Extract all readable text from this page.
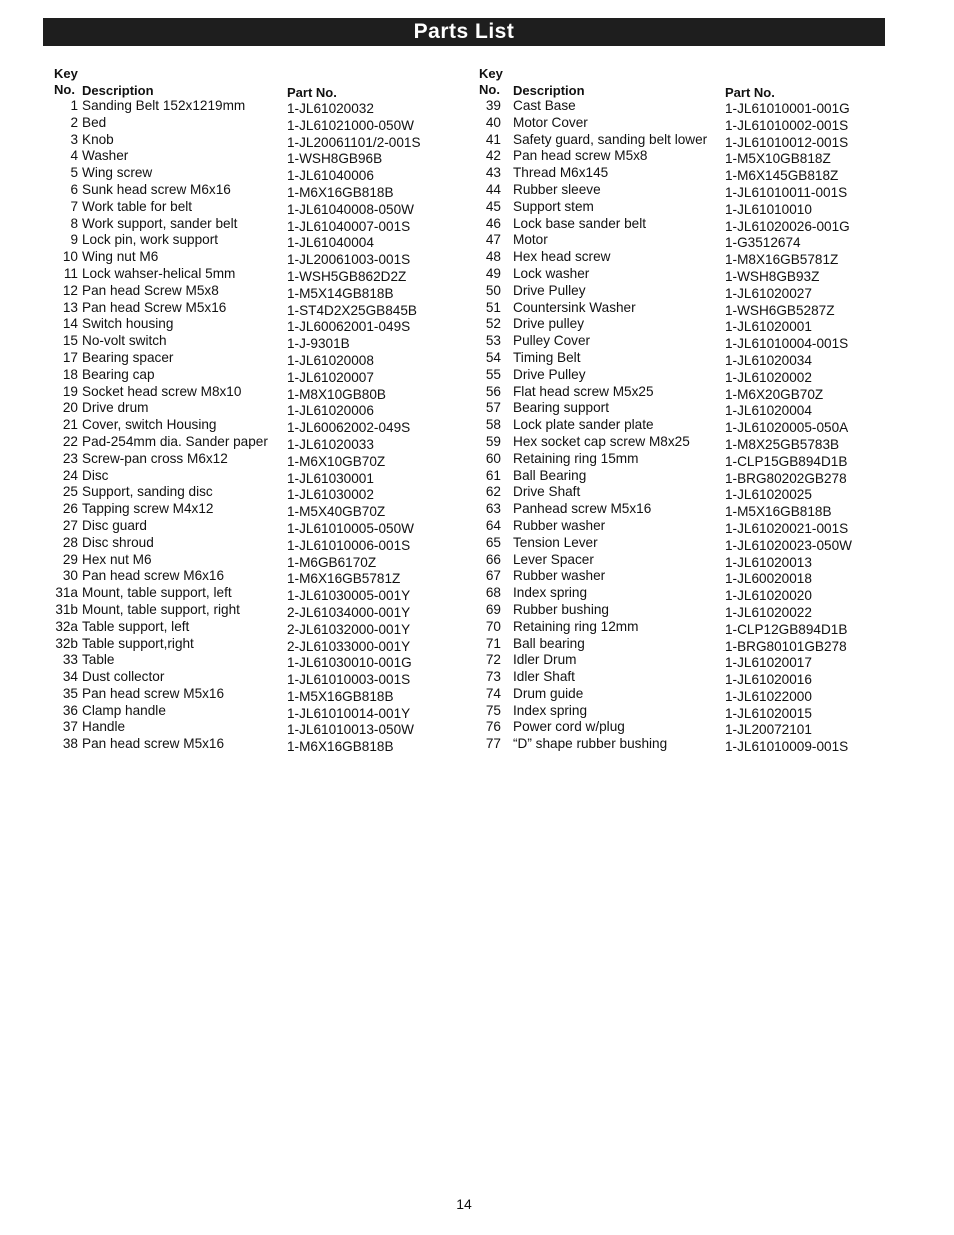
Parts List
Key
No. Description	Part No.
1 Sanding Belt 152x1219mm	1-JL61020032
2 Bed	1-JL61021000-050W
3 Knob	1-JL20061101/2-001S
4 Washer	1-WSH8GB96B
5 Wing screw	1-JL61040006
6 Sunk head screw M6x16	1-M6X16GB818B
7 Work table for belt	1-JL61040008-050W
8 Work support, sander belt	1-JL61040007-001S
9 Lock pin, work support	1-JL61040004
10 Wing nut M6	1-JL20061003-001S
11 Lock wahser-helical 5mm	1-WSH5GB862D2Z
12 Pan head Screw M5x8	1-M5X14GB818B
13 Pan head Screw M5x16	1-ST4D2X25GB845B
14 Switch housing	1-JL60062001-049S
15 No-volt switch	1-J-9301B
17 Bearing spacer	1-JL61020008
18 Bearing cap	1-JL61020007
19 Socket head screw M8x10	1-M8X10GB80B
20 Drive drum	1-JL61020006
21 Cover, switch Housing	1-JL60062002-049S
22 Pad-254mm dia. Sander paper 1-JL61020033
23 Screw-pan cross M6x12	1-M6X10GB70Z
24 Disc	1-JL61030001
25 Support, sanding disc	1-JL61030002
26 Tapping screw M4x12	1-M5X40GB70Z
27 Disc guard	1-JL61010005-050W
28 Disc shroud	1-JL61010006-001S
29 Hex nut M6	1-M6GB6170Z
30 Pan head screw M6x16	1-M6X16GB5781Z
31a Mount, table support, left	1-JL61030005-001Y
31b Mount, table support, right	2-JL61034000-001Y
32a Table support, left	2-JL61032000-001Y
32b Table support,right	2-JL61033000-001Y
33 Table	1-JL61030010-001G
34 Dust collector	1-JL61010003-001S
35 Pan head screw M5x16	1-M5X16GB818B
36 Clamp handle	1-JL61010014-001Y
37 Handle	1-JL61010013-050W
38 Pan head screw M5x16	1-M6X16GB818B
Key
No. Description	Part No.
39 Cast Base	1-JL61010001-001G
40 Motor Cover	1-JL61010002-001S
41 Safety guard, sanding belt lower 1-JL61010012-001S
42 Pan head screw M5x8	1-M5X10GB818Z
43 Thread M6x145	1-M6X145GB818Z
44 Rubber sleeve	1-JL61010011-001S
45 Support stem	1-JL61010010
46 Lock base sander belt	1-JL61020026-001G
47 Motor	1-G3512674
48 Hex head screw	1-M8X16GB5781Z
49 Lock washer	1-WSH8GB93Z
50 Drive Pulley	1-JL61020027
51 Countersink Washer	1-WSH6GB5287Z
52 Drive pulley	1-JL61020001
53 Pulley Cover	1-JL61010004-001S
54 Timing Belt	1-JL61020034
55 Drive Pulley	1-JL61020002
56 Flat head screw M5x25	1-M6X20GB70Z
57 Bearing support	1-JL61020004
58 Lock plate sander plate	1-JL61020005-050A
59 Hex socket cap screw M8x25	1-M8X25GB5783B
60 Retaining ring 15mm	1-CLP15GB894D1B
61 Ball Bearing	1-BRG80202GB278
62 Drive Shaft	1-JL61020025
63 Panhead screw M5x16	1-M5X16GB818B
64 Rubber washer	1-JL61020021-001S
65 Tension Lever	1-JL61020023-050W
66 Lever Spacer	1-JL61020013
67 Rubber washer	1-JL60020018
68 Index spring	1-JL61020020
69 Rubber bushing	1-JL61020022
70 Retaining ring 12mm	1-CLP12GB894D1B
71 Ball bearing	1-BRG80101GB278
72 Idler Drum	1-JL61020017
73 Idler Shaft	1-JL61020016
74 Drum guide	1-JL61022000
75 Index spring	1-JL61020015
76 Power cord w/plug	1-JL20072101
77 “D” shape rubber bushing	1-JL61010009-001S
14
